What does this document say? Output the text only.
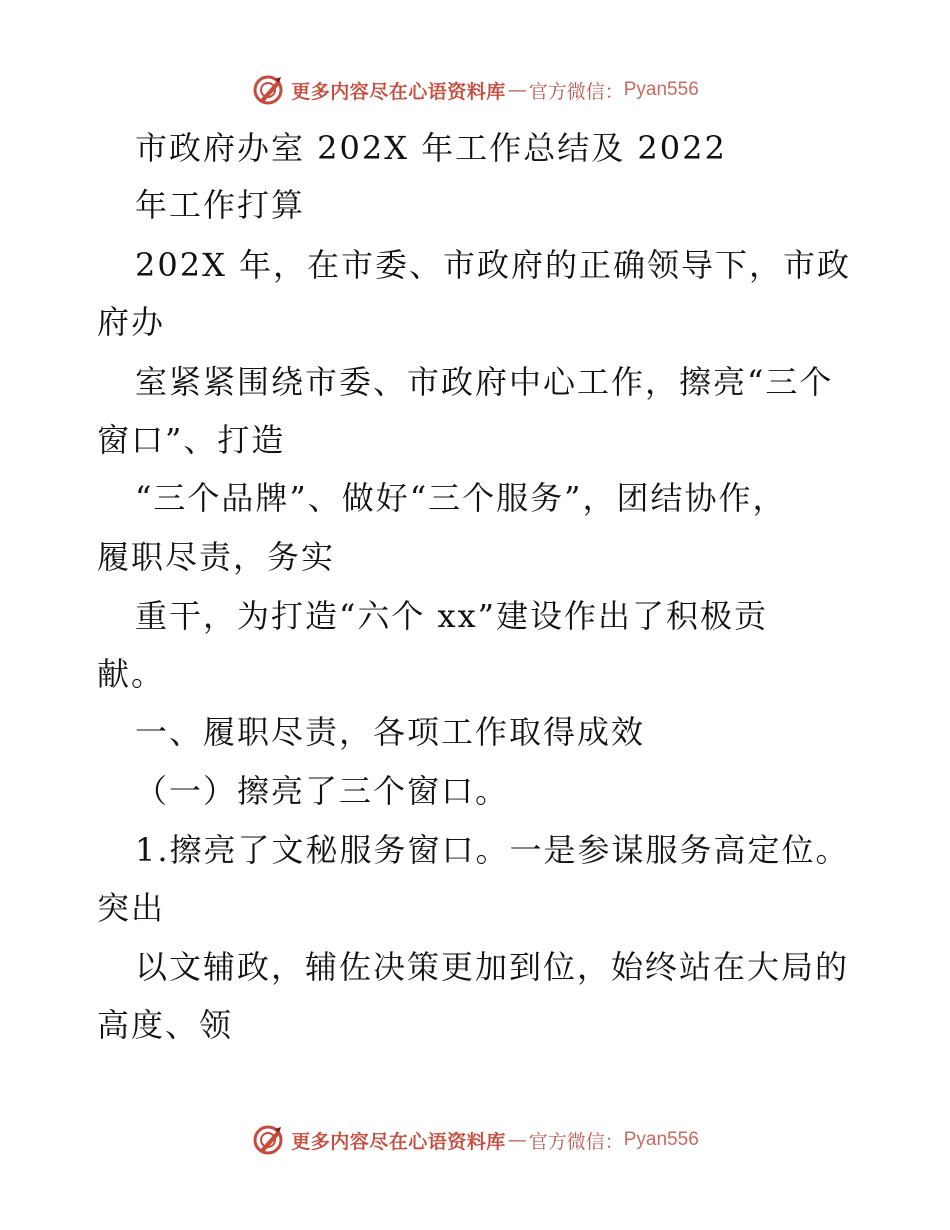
更多内容尽在心语资料库 — 官方微信： Pyan556
市政府办室 202X 年工作总结及 2022
年工作打算
202X 年，在市委、市政府的正确领导下，市政
府办
室紧紧围绕市委、市政府中心工作，擦亮“三个
窗口”、打造
“三个品牌”、做好“三个服务”，团结协作，
履职尽责，务实
重干，为打造“六个 xx”建设作出了积极贡
献。
一、履职尽责，各项工作取得成效
（一）擦亮了三个窗口。
1.擦亮了文秘服务窗口。一是参谋服务高定位。
突出
以文辅政，辅佐决策更加到位，始终站在大局的
高度、领
更多内容尽在心语资料库 — 官方微信： Pyan556
